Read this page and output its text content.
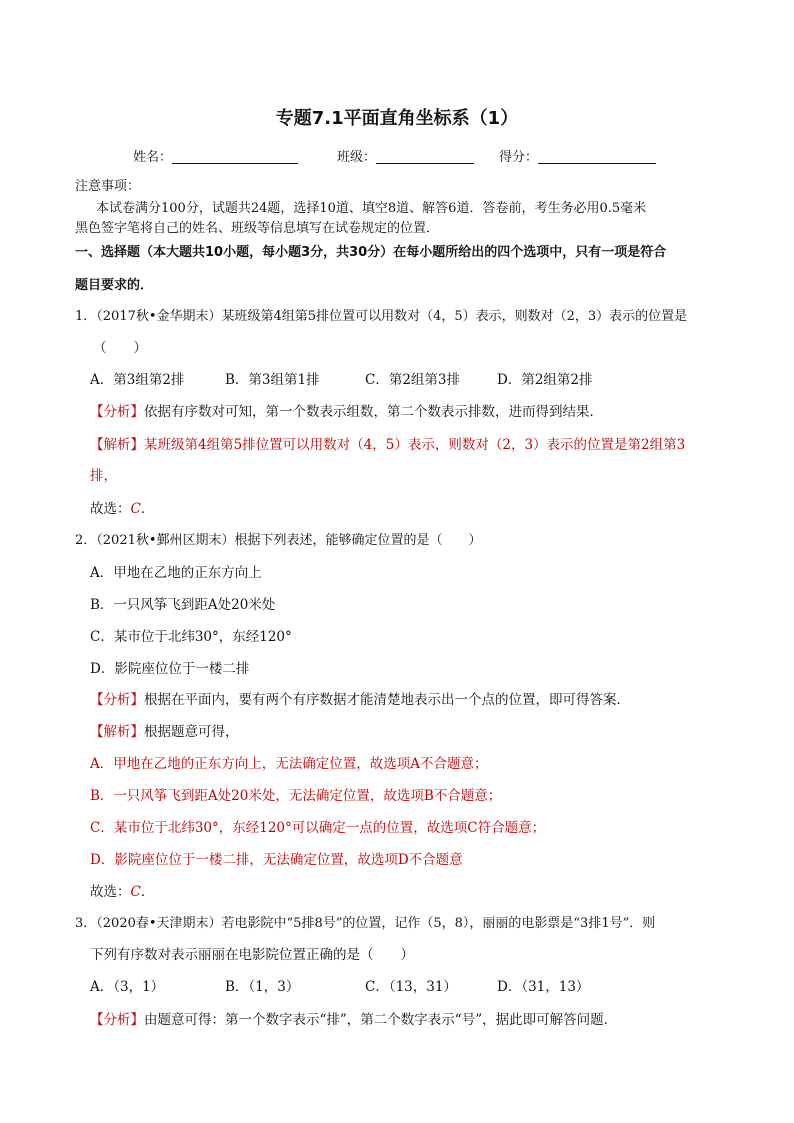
专题7.1平面直角坐标系（1）
姓名：	班级：	得分：
注意事项：
本试卷满分100分，试题共24题，选择10道、填空8道、解答6道．答卷前，考生务必用0.5毫米
黑色签字笔将自己的姓名、班级等信息填写在试卷规定的位置．
一、选择题（本大题共10小题，每小题3分，共30分）在每小题所给出的四个选项中，只有一项是符合
题目要求的．
1．（2017秋•金华期末）某班级第4组第5排位置可以用数对（4，5）表示，则数对（2，3）表示的位置是
（　　）
A．第3组第2排	B．第3组第1排	C．第2组第3排	D．第2组第2排
【分析】依据有序数对可知，第一个数表示组数，第二个数表示排数，进而得到结果．
【解析】某班级第4组第5排位置可以用数对（4，5）表示，则数对（2，3）表示的位置是第2组第3
排，
故选：C．
2．（2021秋•鄞州区期末）根据下列表述，能够确定位置的是（　　）
A．甲地在乙地的正东方向上
B．一只风筝飞到距A处20米处
C．某市位于北纬30°，东经120°
D．影院座位位于一楼二排
【分析】根据在平面内，要有两个有序数据才能清楚地表示出一个点的位置，即可得答案．
【解析】根据题意可得，
A．甲地在乙地的正东方向上，无法确定位置，故选项A不合题意；
B．一只风筝飞到距A处20米处，无法确定位置，故选项B不合题意；
C．某市位于北纬30°，东经120°可以确定一点的位置，故选项C符合题意；
D．影院座位位于一楼二排，无法确定位置，故选项D不合题意
故选：C．
3．（2020春•天津期末）若电影院中“5排8号”的位置，记作（5，8），丽丽的电影票是“3排1号”．则
下列有序数对表示丽丽在电影院位置正确的是（　　）
A．（3，1）	B．（1，3）	C．（13，31）	D．（31，13）
【分析】由题意可得：第一个数字表示“排”，第二个数字表示“号”，据此即可解答问题．
